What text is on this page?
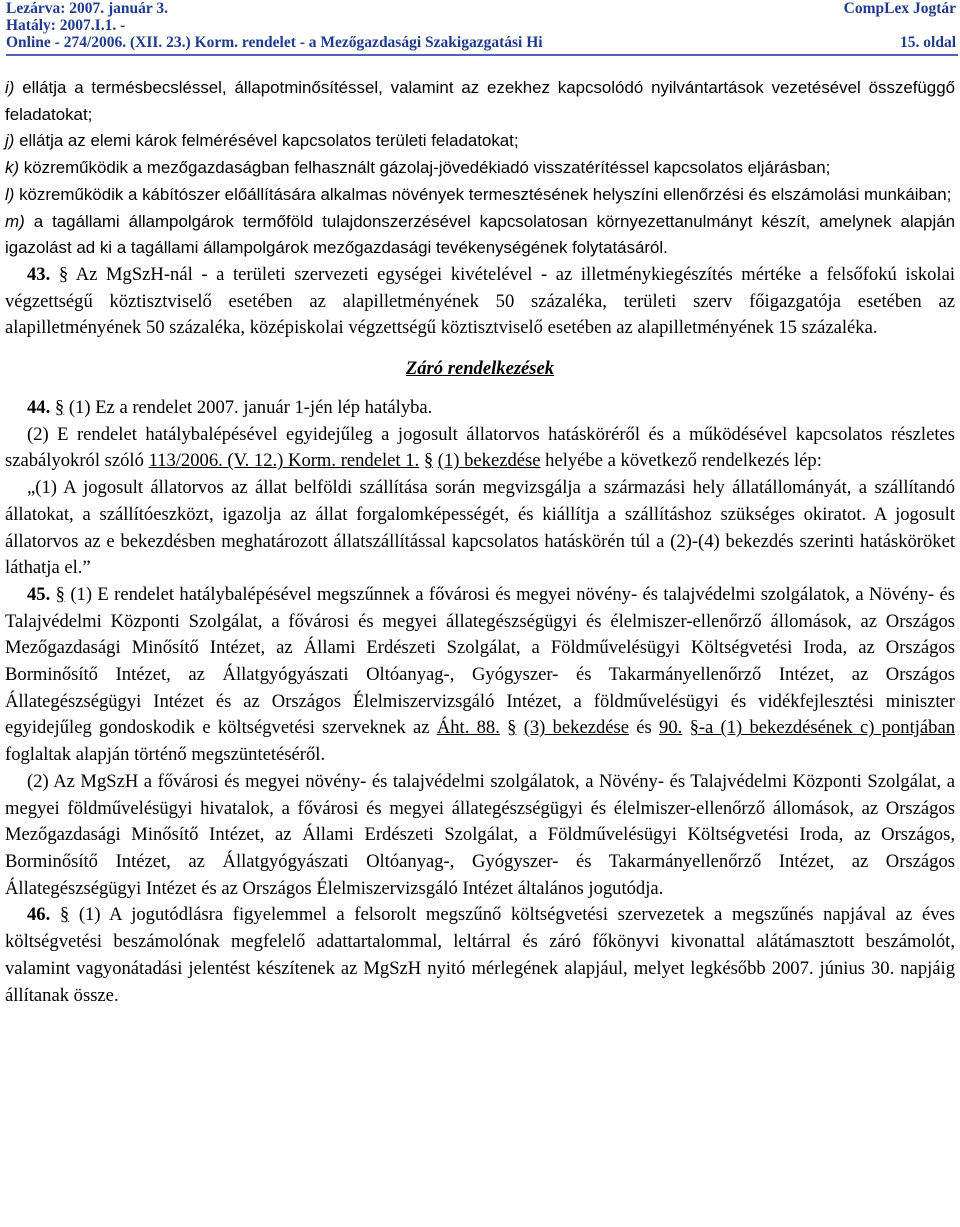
Lezárva: 2007. január 3.	CompLex Jogtár
Hatály: 2007.I.1. -
Online - 274/2006. (XII. 23.) Korm. rendelet - a Mezőgazdasági Szakigazgatási Hi	15. oldal

i) ellátja a termésbecsléssel, állapotminősítéssel, valamint az ezekhez kapcsolódó nyilvántartások vezetésével összefüggő feladatokat;

j) ellátja az elemi károk felmérésével kapcsolatos területi feladatokat;

k) közreműködik a mezőgazdaságban felhasznált gázolaj-jövedékiadó visszatérítéssel kapcsolatos eljárásban;

l) közreműködik a kábítószer előállítására alkalmas növények termesztésének helyszíni ellenőrzési és elszámolási munkáiban;

m) a tagállami állampolgárok termőföld tulajdonszerzésével kapcsolatosan környezettanulmányt készít, amelynek alapján igazolást ad ki a tagállami állampolgárok mezőgazdasági tevékenységének folytatásáról.

43. § Az MgSzH-nál - a területi szervezeti egységei kivételével - az illetménykiegészítés mértéke a felsőfokú iskolai végzettségű köztisztviselő esetében az alapilletményének 50 százaléka, területi szerv főigazgatója esetében az alapilletményének 50 százaléka, középiskolai végzettségű köztisztviselő esetében az alapilletményének 15 százaléka.

Záró rendelkezések

44. § (1) Ez a rendelet 2007. január 1-jén lép hatályba.

(2) E rendelet hatálybalépésével egyidejűleg a jogosult állatorvos hatásköréről és a működésével kapcsolatos részletes szabályokról szóló 113/2006. (V. 12.) Korm. rendelet 1. § (1) bekezdése helyébe a következő rendelkezés lép:

„(1) A jogosult állatorvos az állat belföldi szállítása során megvizsgálja a származási hely állatállományát, a szállítandó állatokat, a szállítóeszközt, igazolja az állat forgalomképességét, és kiállítja a szállításhoz szükséges okiratot. A jogosult állatorvos az e bekezdésben meghatározott állatszállítással kapcsolatos hatáskörén túl a (2)-(4) bekezdés szerinti hatásköröket láthatja el.”

45. § (1) E rendelet hatálybalépésével megszűnnek a fővárosi és megyei növény- és talajvédelmi szolgálatok, a Növény- és Talajvédelmi Központi Szolgálat, a fővárosi és megyei állategészségügyi és élelmiszer-ellenőrző állomások, az Országos Mezőgazdasági Minősítő Intézet, az Állami Erdészeti Szolgálat, a Földművelésügyi Költségvetési Iroda, az Országos Borminősítő Intézet, az Állatgyógyászati Oltóanyag-, Gyógyszer- és Takarmányellenőrző Intézet, az Országos Állategészségügyi Intézet és az Országos Élelmiszervizsgáló Intézet, a földművelésügyi és vidékfejlesztési miniszter egyidejűleg gondoskodik e költségvetési szerveknek az Áht. 88. § (3) bekezdése és 90. §-a (1) bekezdésének c) pontjában foglaltak alapján történő megszüntetéséről.

(2) Az MgSzH a fővárosi és megyei növény- és talajvédelmi szolgálatok, a Növény- és Talajvédelmi Központi Szolgálat, a megyei földművelésügyi hivatalok, a fővárosi és megyei állategészségügyi és élelmiszer-ellenőrző állomások, az Országos Mezőgazdasági Minősítő Intézet, az Állami Erdészeti Szolgálat, a Földművelésügyi Költségvetési Iroda, az Országos, Borminősítő Intézet, az Állatgyógyászati Oltóanyag-, Gyógyszer- és Takarmányellenőrző Intézet, az Országos Állategészségügyi Intézet és az Országos Élelmiszervizsgáló Intézet általános jogutódja.

46. § (1) A jogutódlásra figyelemmel a felsorolt megszűnő költségvetési szervezetek a megszűnés napjával az éves költségvetési beszámolónak megfelelő adattartalommal, leltárral és záró főkönyvi kivonattal alátámasztott beszámolót, valamint vagyonátadási jelentést készítenek az MgSzH nyitó mérlegének alapjául, melyet legkésőbb 2007. június 30. napjáig állítanak össze.
